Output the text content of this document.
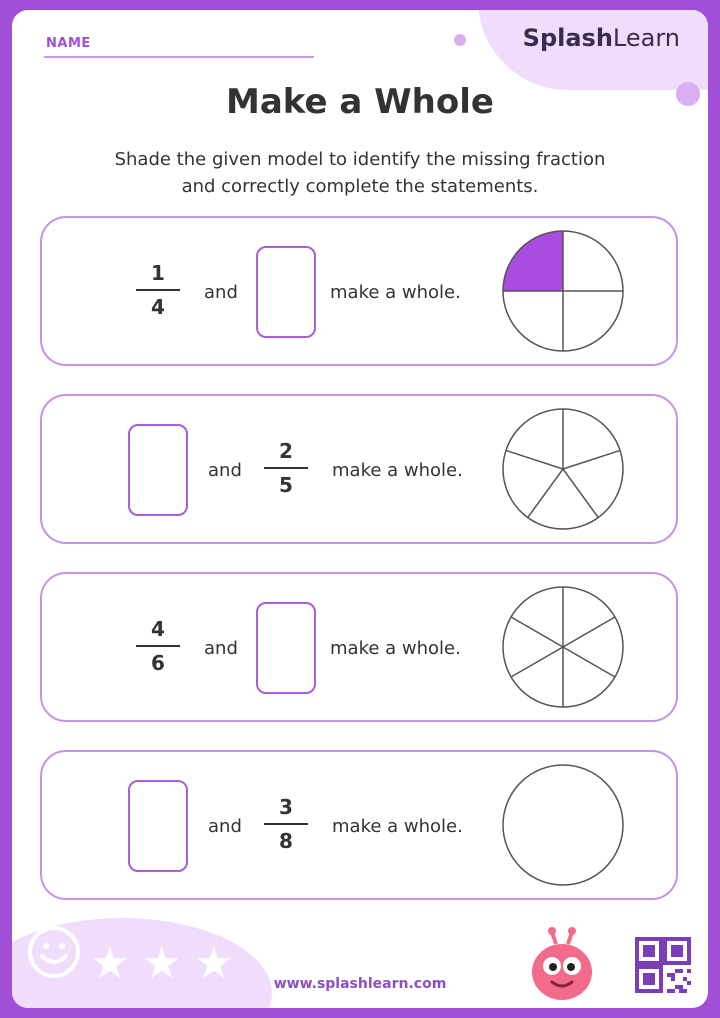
NAME	SplashLearn
Make a Whole
Shade the given model to identify the missing fraction
and correctly complete the statements.
1
4
and	make a whole.
and
2
5
make a whole.
4
6
and	make a whole.
and
3
8
make a whole.
★ ★ ★	www.splashlearn.com
